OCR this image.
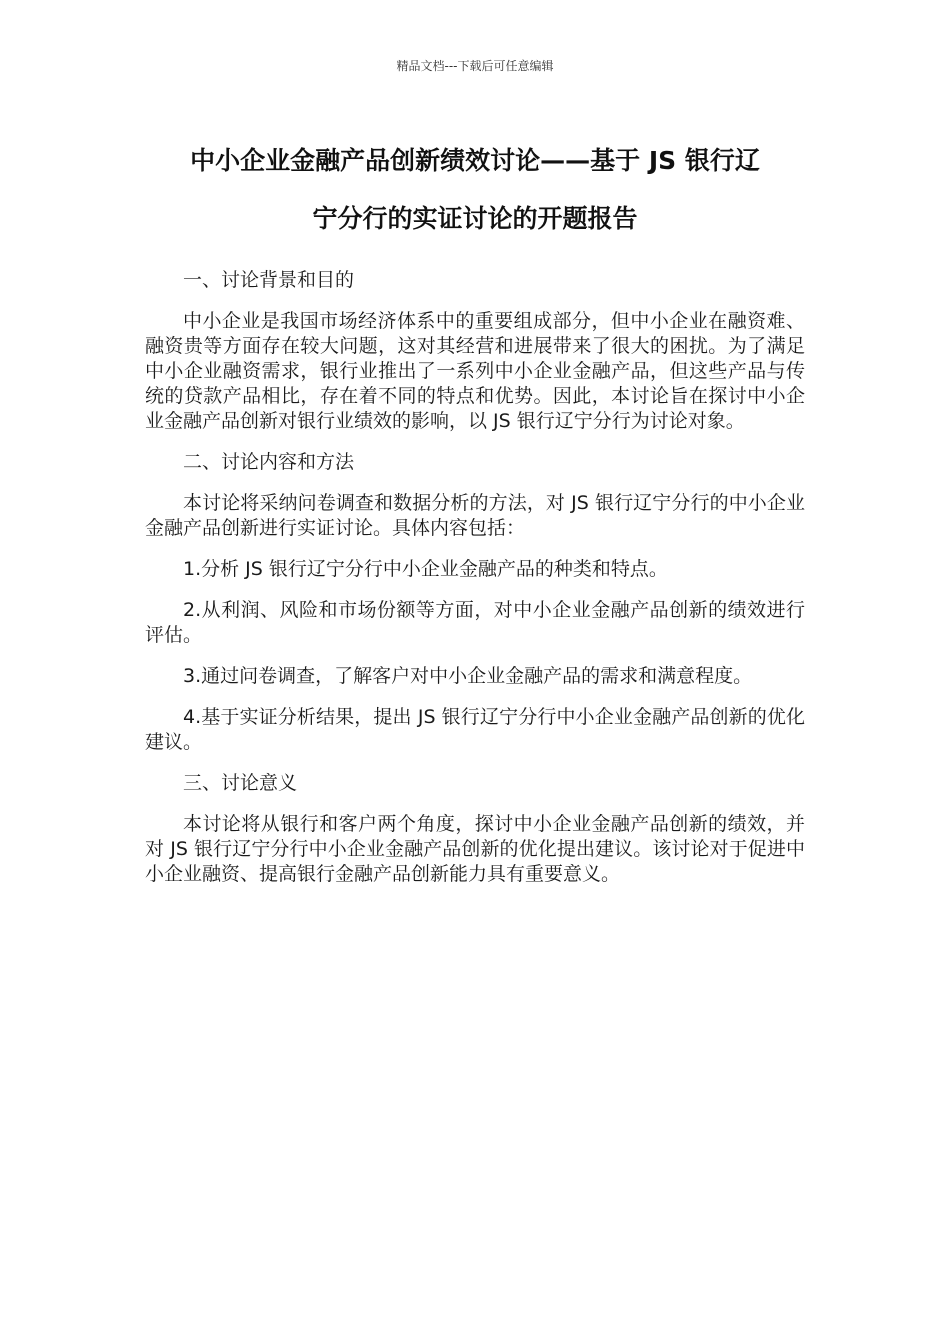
精品文档---下载后可任意编辑
中小企业金融产品创新绩效讨论——基于 JS 银行辽
宁分行的实证讨论的开题报告

一、讨论背景和目的

中小企业是我国市场经济体系中的重要组成部分，但中小企业在融资难、融资贵等方面存在较大问题，这对其经营和进展带来了很大的困扰。为了满足中小企业融资需求，银行业推出了一系列中小企业金融产品，但这些产品与传统的贷款产品相比，存在着不同的特点和优势。因此，本讨论旨在探讨中小企业金融产品创新对银行业绩效的影响，以 JS 银行辽宁分行为讨论对象。

二、讨论内容和方法

本讨论将采纳问卷调查和数据分析的方法，对 JS 银行辽宁分行的中小企业金融产品创新进行实证讨论。具体内容包括：

1.分析 JS 银行辽宁分行中小企业金融产品的种类和特点。

2.从利润、风险和市场份额等方面，对中小企业金融产品创新的绩效进行评估。

3.通过问卷调查，了解客户对中小企业金融产品的需求和满意程度。

4.基于实证分析结果，提出 JS 银行辽宁分行中小企业金融产品创新的优化建议。

三、讨论意义

本讨论将从银行和客户两个角度，探讨中小企业金融产品创新的绩效，并对 JS 银行辽宁分行中小企业金融产品创新的优化提出建议。该讨论对于促进中小企业融资、提高银行金融产品创新能力具有重要意义。
